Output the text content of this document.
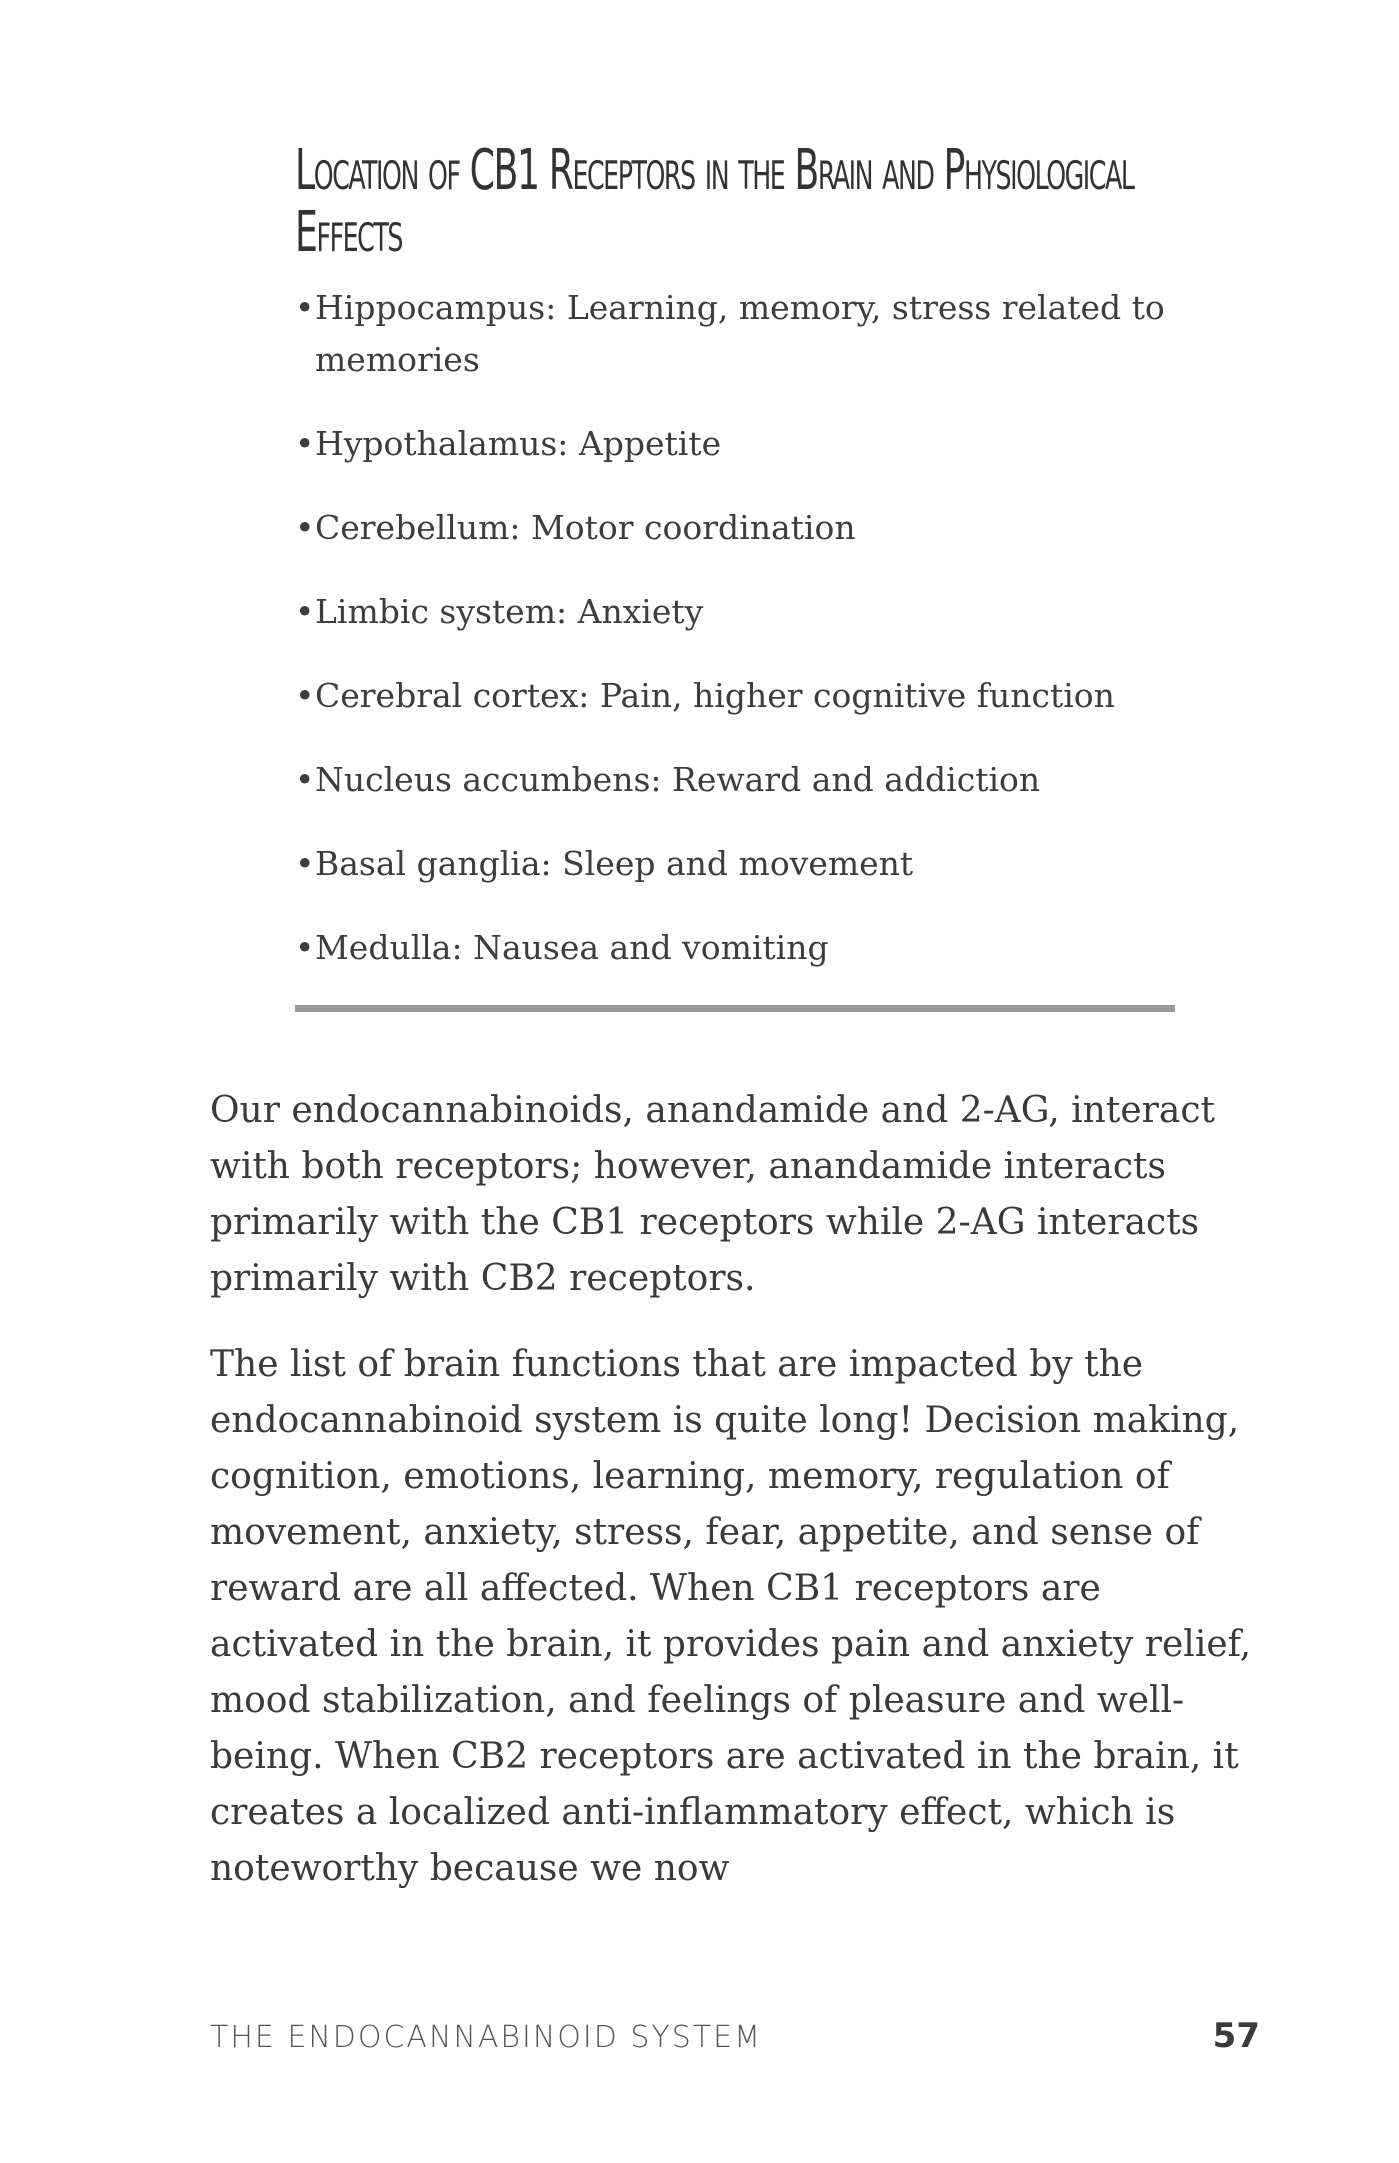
Location of CB1 Receptors in the Brain and Physiological Effects
• Hippocampus: Learning, memory, stress related to memories
• Hypothalamus: Appetite
• Cerebellum: Motor coordination
• Limbic system: Anxiety
• Cerebral cortex: Pain, higher cognitive function
• Nucleus accumbens: Reward and addiction
• Basal ganglia: Sleep and movement
• Medulla: Nausea and vomiting

Our endocannabinoids, anandamide and 2-AG, interact with both receptors; however, anandamide interacts primarily with the CB1 receptors while 2-AG interacts primarily with CB2 receptors.

The list of brain functions that are impacted by the endocannabinoid system is quite long! Decision making, cognition, emotions, learning, memory, regulation of movement, anxiety, stress, fear, appetite, and sense of reward are all affected. When CB1 receptors are activated in the brain, it provides pain and anxiety relief, mood stabilization, and feelings of pleasure and well-being. When CB2 receptors are activated in the brain, it creates a localized anti-inflammatory effect, which is noteworthy because we now

THE ENDOCANNABINOID SYSTEM	57
